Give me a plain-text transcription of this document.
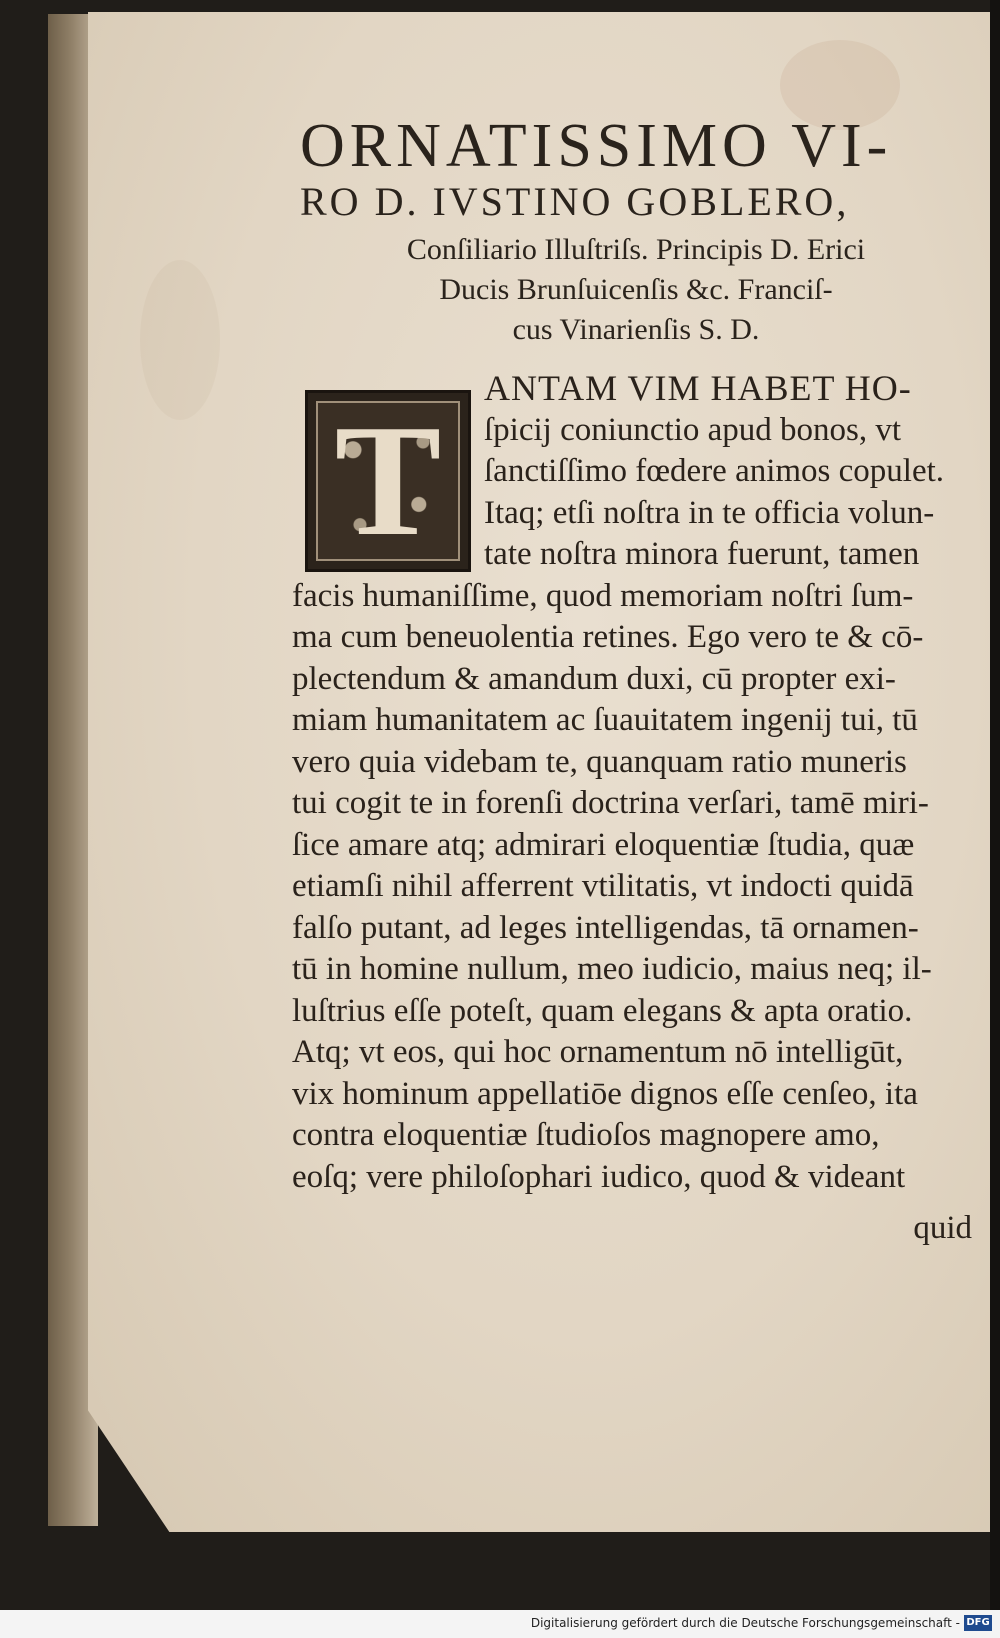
ORNATISSIMO VI-

RO D. IVSTINO GOBLERO,

Conſiliario Illuſtriſs. Principis D. Erici

Ducis Brunſuicenſis &c. Franciſ-

cus Vinarienſis S. D.

T
ANTAM VIM HABET HO-
ſpicij coniunctio apud bonos, vt
ſanctiſſimo fœdere animos copulet.
Itaq; etſi noſtra in te officia volun-
tate noſtra minora fuerunt, tamen
facis humaniſſime, quod memoriam noſtri ſum-
ma cum beneuolentia retines. Ego vero te & cō-
plectendum & amandum duxi, cū propter exi-
miam humanitatem ac ſuauitatem ingenij tui, tū
vero quia videbam te, quanquam ratio muneris
tui cogit te in forenſi doctrina verſari, tamē miri-
ſice amare atq; admirari eloquentiæ ſtudia, quæ
etiamſi nihil afferrent vtilitatis, vt indocti quidā
falſo putant, ad leges intelligendas, tā ornamen-
tū in homine nullum, meo iudicio, maius neq; il-
luſtrius eſſe poteſt, quam elegans & apta oratio.
Atq; vt eos, qui hoc ornamentum nō intelligūt,
vix hominum appellatiōe dignos eſſe cenſeo, ita
contra eloquentiæ ſtudioſos magnopere amo,
eoſq; vere philoſophari iudico, quod & videant
quid
Digitalisierung gefördert durch die Deutsche Forschungsgemeinschaft - DFG
